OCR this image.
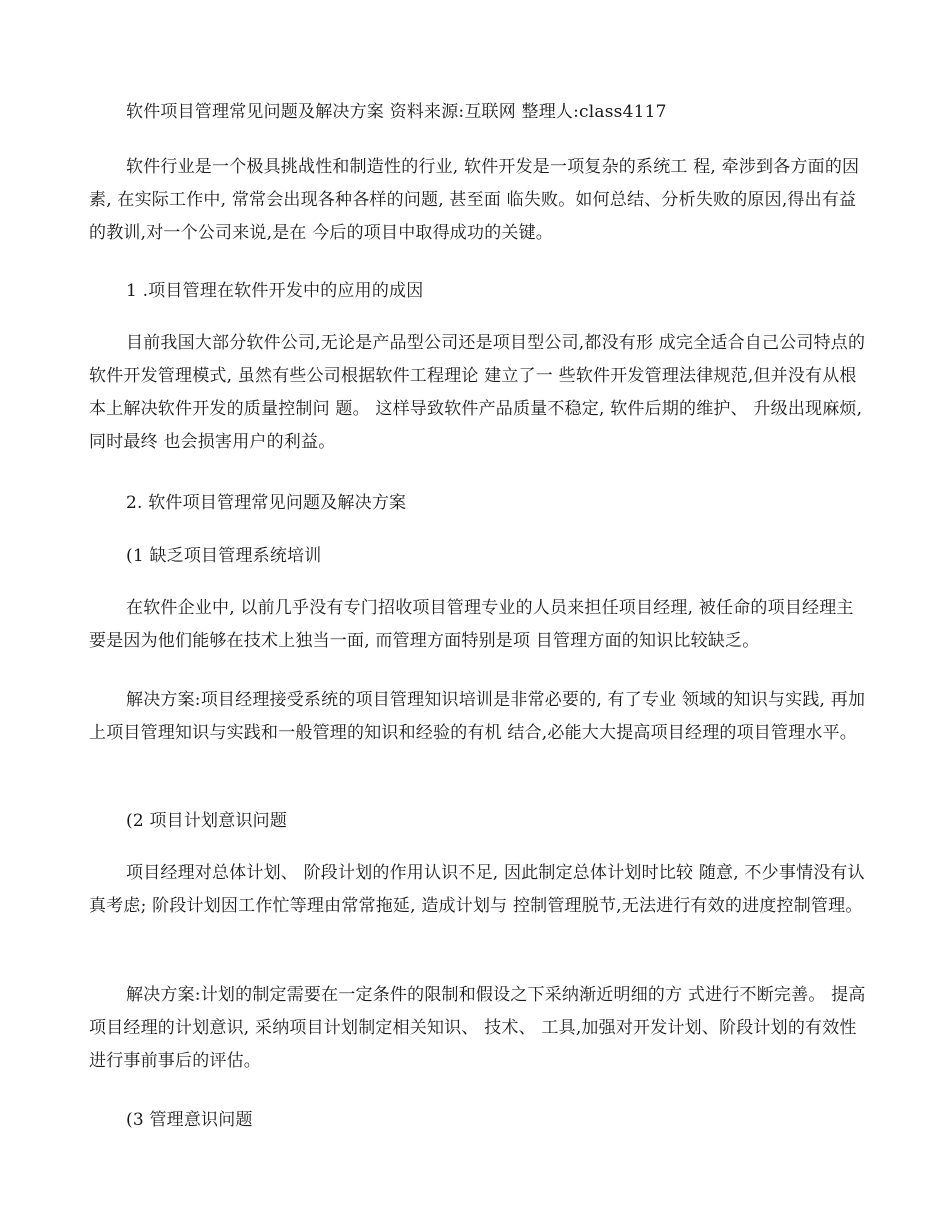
软件项目管理常见问题及解决方案 资料来源:互联网 整理人:class4117

软件行业是一个极具挑战性和制造性的行业, 软件开发是一项复杂的系统工 程, 牵涉到各方面的因素, 在实际工作中, 常常会出现各种各样的问题, 甚至面 临失败。如何总结、分析失败的原因,得出有益的教训,对一个公司来说,是在 今后的项目中取得成功的关键。

1 .项目管理在软件开发中的应用的成因

目前我国大部分软件公司,无论是产品型公司还是项目型公司,都没有形 成完全适合自己公司特点的软件开发管理模式, 虽然有些公司根据软件工程理论 建立了一 些软件开发管理法律规范,但并没有从根本上解决软件开发的质量控制问 题。 这样导致软件产品质量不稳定, 软件后期的维护、 升级出现麻烦, 同时最终 也会损害用户的利益。

2. 软件项目管理常见问题及解决方案

(1 缺乏项目管理系统培训

在软件企业中, 以前几乎没有专门招收项目管理专业的人员来担任项目经理, 被任命的项目经理主要是因为他们能够在技术上独当一面, 而管理方面特别是项 目管理方面的知识比较缺乏。

解决方案:项目经理接受系统的项目管理知识培训是非常必要的, 有了专业 领域的知识与实践, 再加上项目管理知识与实践和一般管理的知识和经验的有机 结合,必能大大提高项目经理的项目管理水平。

(2 项目计划意识问题

项目经理对总体计划、 阶段计划的作用认识不足, 因此制定总体计划时比较 随意, 不少事情没有认真考虑; 阶段计划因工作忙等理由常常拖延, 造成计划与 控制管理脱节,无法进行有效的进度控制管理。

解决方案:计划的制定需要在一定条件的限制和假设之下采纳渐近明细的方 式进行不断完善。 提高项目经理的计划意识, 采纳项目计划制定相关知识、 技术、 工具,加强对开发计划、阶段计划的有效性进行事前事后的评估。

(3 管理意识问题
